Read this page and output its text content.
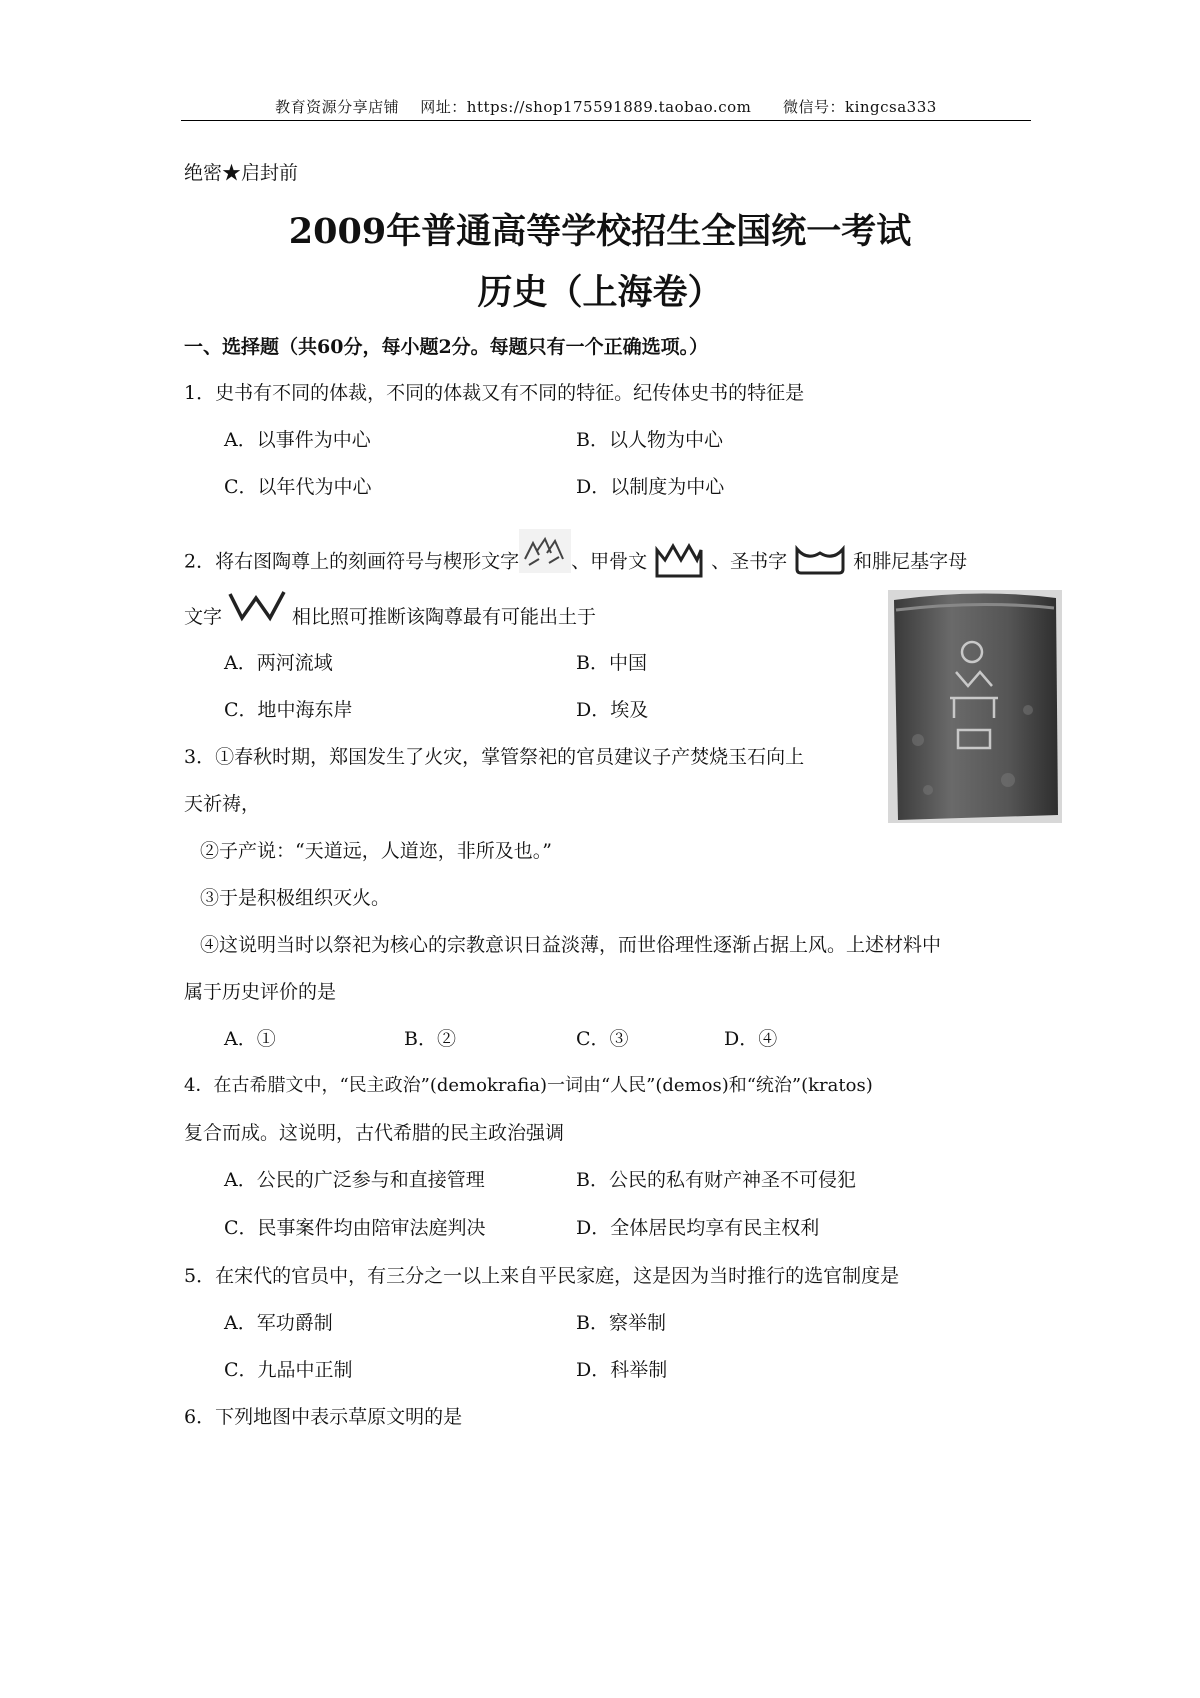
教育资源分享店铺 网址：https://shop175591889.taobao.com 微信号：kingcsa333
绝密★启封前
2009年普通高等学校招生全国统一考试
历史（上海卷）
一、选择题（共60分，每小题2分。每题只有一个正确选项。）
1．史书有不同的体裁，不同的体裁又有不同的特征。纪传体史书的特征是
A．以事件为中心	B．以人物为中心
C．以年代为中心	D．以制度为中心
2．将右图陶尊上的刻画符号与楔形文字	、甲骨文	、圣书字	和腓尼基字母
文字	相比照可推断该陶尊最有可能出土于
A．两河流域	B．中国
C．地中海东岸	D．埃及
3．①春秋时期，郑国发生了火灾，掌管祭祀的官员建议子产焚烧玉石向上
天祈祷，
②子产说：“天道远，人道迩，非所及也。”
③于是积极组织灭火。
④这说明当时以祭祀为核心的宗教意识日益淡薄，而世俗理性逐渐占据上风。上述材料中
属于历史评价的是
A．①	B．②	C．③	D．④
4．在古希腊文中，“民主政治”(demokrafia)一词由“人民”(demos)和“统治”(kratos)
复合而成。这说明，古代希腊的民主政治强调
A．公民的广泛参与和直接管理	B．公民的私有财产神圣不可侵犯
C．民事案件均由陪审法庭判决	D．全体居民均享有民主权利
5．在宋代的官员中，有三分之一以上来自平民家庭，这是因为当时推行的选官制度是
A．军功爵制	B．察举制
C．九品中正制	D．科举制
6．下列地图中表示草原文明的是
